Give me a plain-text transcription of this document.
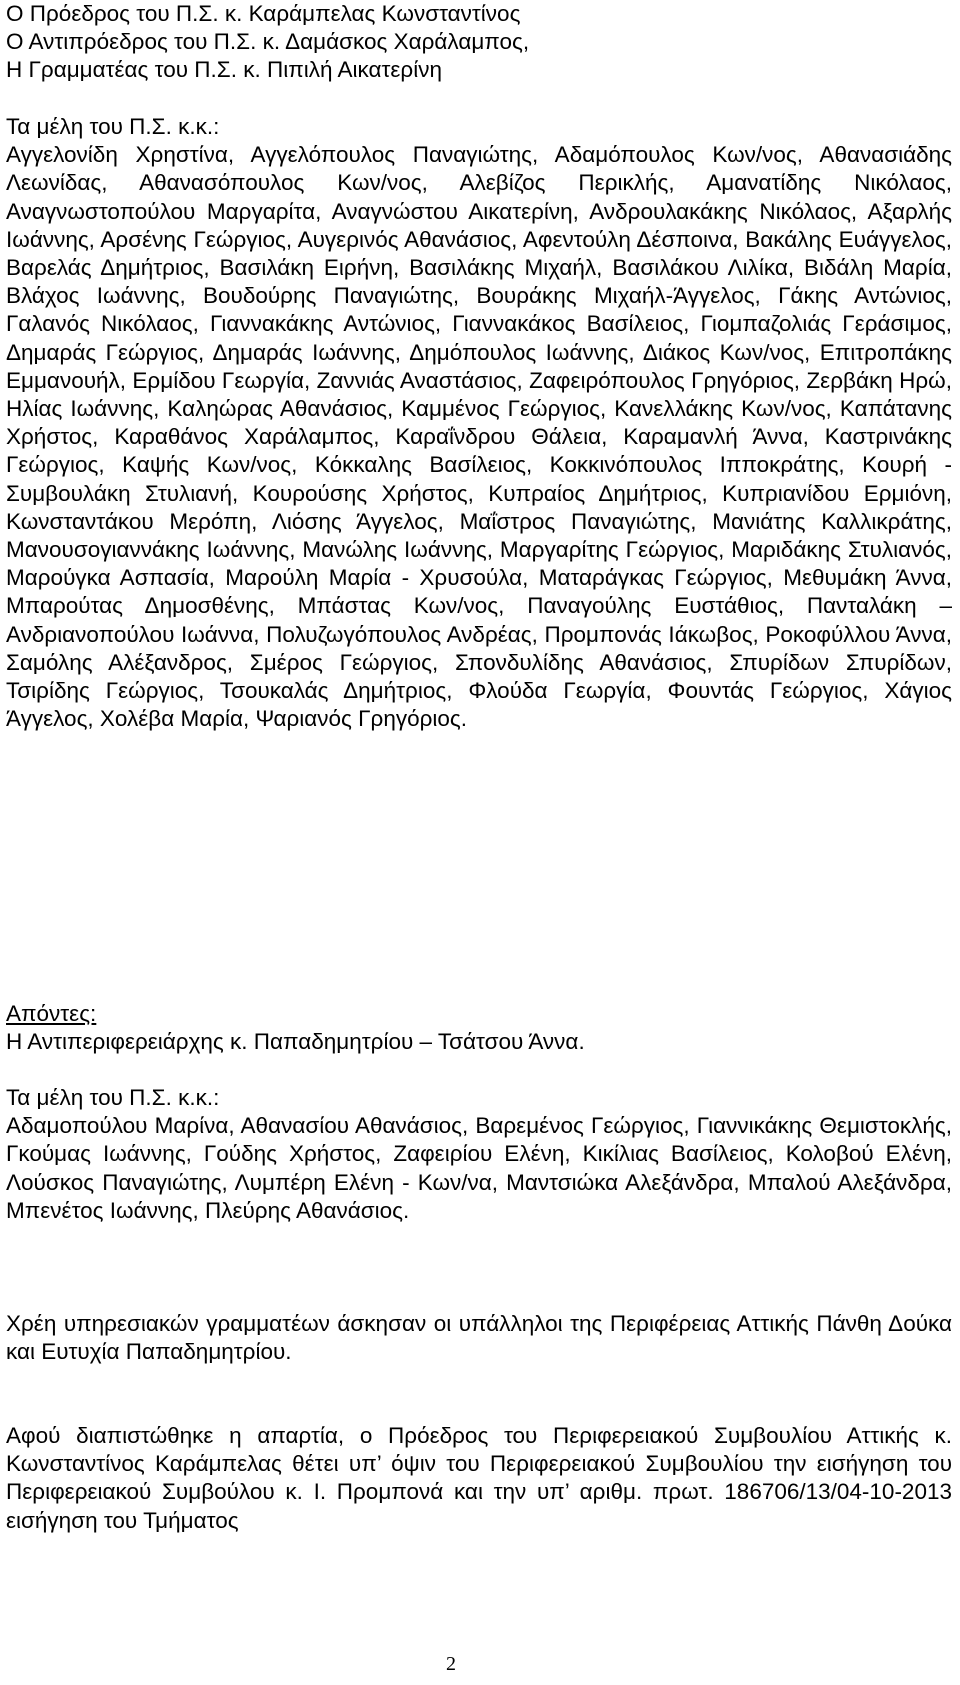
Ο Πρόεδρος του Π.Σ. κ. Καράμπελας Κωνσταντίνος
Ο Αντιπρόεδρος του Π.Σ. κ. Δαμάσκος Χαράλαμπος,
Η Γραμματέας του Π.Σ. κ. Πιπιλή Αικατερίνη
Τα μέλη του Π.Σ. κ.κ.:
Αγγελονίδη Χρηστίνα, Αγγελόπουλος Παναγιώτης, Αδαμόπουλος Κων/νος, Αθανασιάδης Λεωνίδας, Αθανασόπουλος Κων/νος, Αλεβίζος Περικλής, Αμανατίδης Νικόλαος, Αναγνωστοπούλου Μαργαρίτα, Αναγνώστου Αικατερίνη, Ανδρουλακάκης Νικόλαος, Αξαρλής Ιωάννης, Αρσένης Γεώργιος, Αυγερινός Αθανάσιος, Αφεντούλη Δέσποινα, Βακάλης Ευάγγελος, Βαρελάς Δημήτριος, Βασιλάκη Ειρήνη, Βασιλάκης Μιχαήλ, Βασιλάκου Λιλίκα, Βιδάλη Μαρία, Βλάχος Ιωάννης, Βουδούρης Παναγιώτης, Βουράκης Μιχαήλ-Άγγελος, Γάκης Αντώνιος, Γαλανός Νικόλαος, Γιαννακάκης Αντώνιος, Γιαννακάκος Βασίλειος, Γιομπαζολιάς Γεράσιμος, Δημαράς Γεώργιος, Δημαράς Ιωάννης, Δημόπουλος Ιωάννης, Διάκος Κων/νος, Επιτροπάκης Εμμανουήλ, Ερμίδου Γεωργία, Ζαννιάς Αναστάσιος, Ζαφειρόπουλος Γρηγόριος, Ζερβάκη Ηρώ, Ηλίας Ιωάννης, Καληώρας Αθανάσιος, Καμμένος Γεώργιος, Κανελλάκης Κων/νος, Καπάτανης Χρήστος, Καραθάνος Χαράλαμπος, Καραΐνδρου Θάλεια, Καραμανλή Άννα, Καστρινάκης Γεώργιος, Καψής Κων/νος, Κόκκαλης Βασίλειος, Κοκκινόπουλος Ιπποκράτης, Κουρή - Συμβουλάκη Στυλιανή, Κουρούσης Χρήστος, Κυπραίος Δημήτριος, Κυπριανίδου Ερμιόνη, Κωνσταντάκου Μερόπη, Λιόσης Άγγελος, Μαΐστρος Παναγιώτης, Μανιάτης Καλλικράτης, Μανουσογιαννάκης Ιωάννης, Μανώλης Ιωάννης, Μαργαρίτης Γεώργιος, Μαριδάκης Στυλιανός, Μαρούγκα Ασπασία, Μαρούλη Μαρία - Χρυσούλα, Ματαράγκας Γεώργιος, Μεθυμάκη Άννα, Μπαρούτας Δημοσθένης, Μπάστας Κων/νος, Παναγούλης Ευστάθιος, Πανταλάκη – Ανδριανοπούλου Ιωάννα, Πολυζωγόπουλος Ανδρέας, Προμπονάς Ιάκωβος, Ροκοφύλλου Άννα, Σαμόλης Αλέξανδρος, Σμέρος Γεώργιος, Σπονδυλίδης Αθανάσιος, Σπυρίδων Σπυρίδων, Τσιρίδης Γεώργιος, Τσουκαλάς Δημήτριος, Φλούδα Γεωργία, Φουντάς Γεώργιος, Χάγιος Άγγελος, Χολέβα Μαρία, Ψαριανός Γρηγόριος.
Απόντες:
Η Αντιπεριφερειάρχης κ. Παπαδημητρίου – Τσάτσου Άννα.
Τα μέλη του Π.Σ. κ.κ.:
Αδαμοπούλου Μαρίνα, Αθανασίου Αθανάσιος, Βαρεμένος Γεώργιος, Γιαννικάκης Θεμιστοκλής, Γκούμας Ιωάννης, Γούδης Χρήστος, Ζαφειρίου Ελένη, Κικίλιας Βασίλειος, Κολοβού Ελένη, Λούσκος Παναγιώτης, Λυμπέρη Ελένη - Κων/να, Μαντσιώκα Αλεξάνδρα, Μπαλού Αλεξάνδρα, Μπενέτος Ιωάννης, Πλεύρης Αθανάσιος.
Χρέη υπηρεσιακών γραμματέων άσκησαν οι υπάλληλοι της Περιφέρειας Αττικής Πάνθη Δούκα και Ευτυχία Παπαδημητρίου.
Αφού διαπιστώθηκε η απαρτία, ο Πρόεδρος του Περιφερειακού Συμβουλίου Αττικής κ. Κωνσταντίνος Καράμπελας θέτει υπ’ όψιν του Περιφερειακού Συμβουλίου την εισήγηση του Περιφερειακού Συμβούλου κ. Ι. Προμπονά και την υπ’ αριθμ. πρωτ. 186706/13/04-10-2013 εισήγηση του Τμήματος
2
